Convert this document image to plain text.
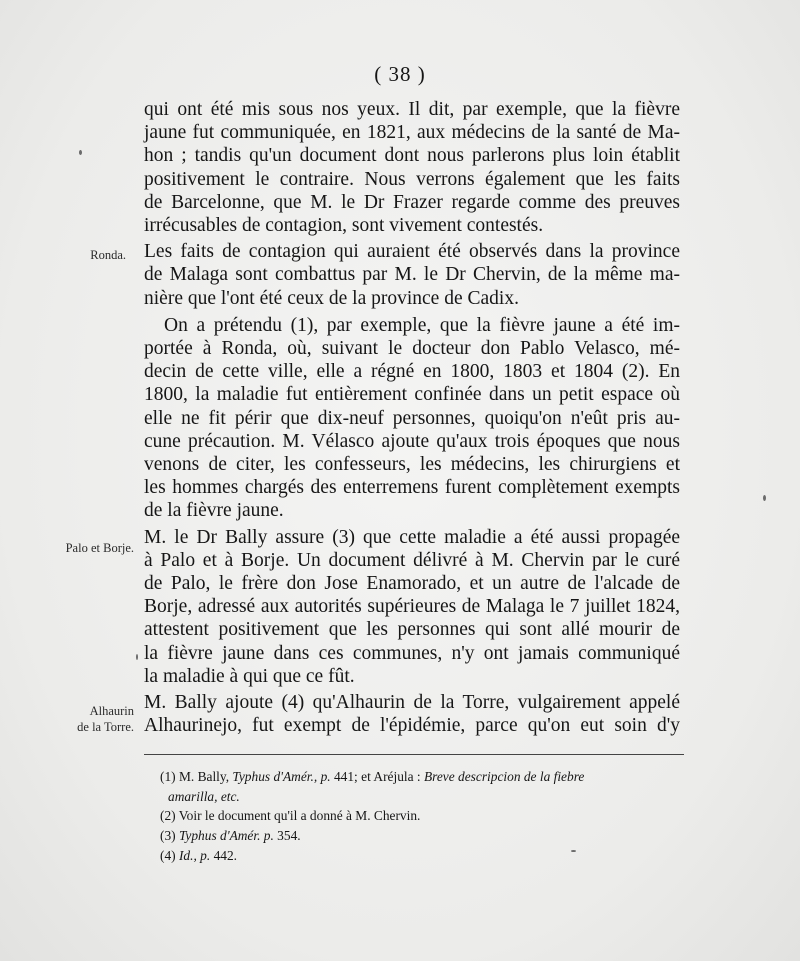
( 38 )
Ronda.
Palo et Borje.
Alhaurin
de la Torre.

qui ont été mis sous nos yeux. Il dit, par exemple, que la fièvre

jaune fut communiquée, en 1821, aux médecins de la santé de Ma-

hon ; tandis qu'un document dont nous parlerons plus loin établit

positivement le contraire. Nous verrons également que les faits

de Barcelonne, que M. le Dr Frazer regarde comme des preuves

irrécusables de contagion, sont vivement contestés.

Les faits de contagion qui auraient été observés dans la province

de Malaga sont combattus par M. le Dr Chervin, de la même ma-

nière que l'ont été ceux de la province de Cadix.

On a prétendu (1), par exemple, que la fièvre jaune a été im-

portée à Ronda, où, suivant le docteur don Pablo Velasco, mé-

decin de cette ville, elle a régné en 1800, 1803 et 1804 (2). En

1800, la maladie fut entièrement confinée dans un petit espace où

elle ne fit périr que dix-neuf personnes, quoiqu'on n'eût pris au-

cune précaution. M. Vélasco ajoute qu'aux trois époques que nous

venons de citer, les confesseurs, les médecins, les chirurgiens et

les hommes chargés des enterremens furent complètement exempts

de la fièvre jaune.

M. le Dr Bally assure (3) que cette maladie a été aussi propagée

à Palo et à Borje. Un document délivré à M. Chervin par le curé

de Palo, le frère don Jose Enamorado, et un autre de l'alcade de

Borje, adressé aux autorités supérieures de Malaga le 7 juillet 1824,

attestent positivement que les personnes qui sont allé mourir de

la fièvre jaune dans ces communes, n'y ont jamais communiqué

la maladie à qui que ce fût.

M. Bally ajoute (4) qu'Alhaurin de la Torre, vulgairement appelé

Alhaurinejo, fut exempt de l'épidémie, parce qu'on eut soin d'y

(1) M. Bally, Typhus d'Amér., p. 441; et Aréjula : Breve descripcion de la fiebre
amarilla, etc.
(2) Voir le document qu'il a donné à M. Chervin.
(3) Typhus d'Amér. p. 354.
(4) Id., p. 442.
